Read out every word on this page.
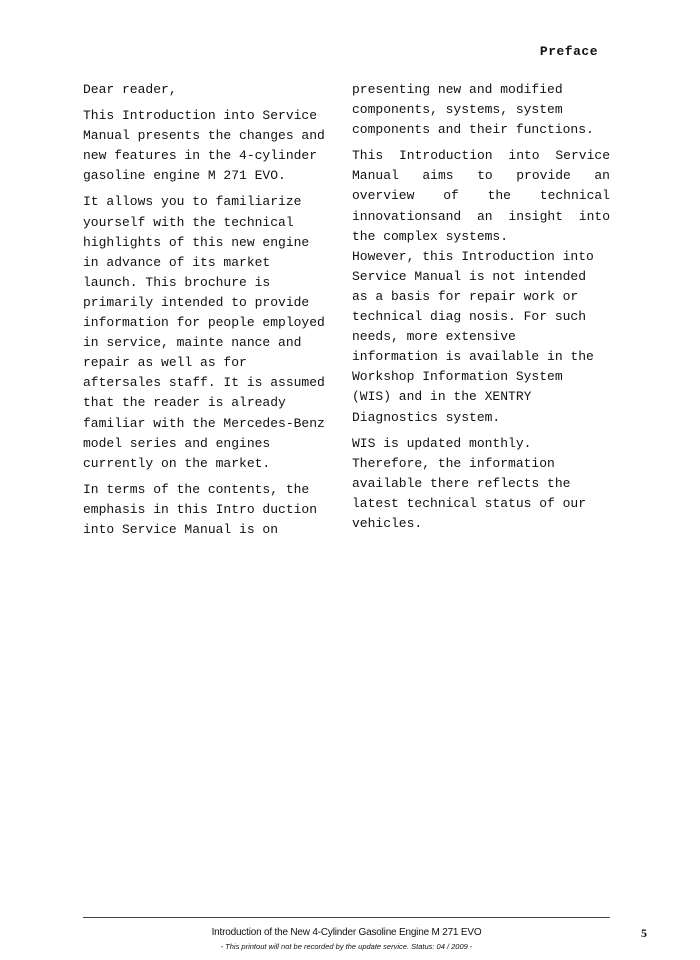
Preface

Dear reader,

This Introduction into Service
Manual presents the changes and
new features in the 4-cylinder
gasoline engine M 271 EVO.

It allows you to familiarize
yourself with the technical
highlights of this new engine
in advance of its market
launch. This brochure is
primarily intended to provide
information for people employed
in service, mainte nance and
repair as well as for
aftersales staff. It is assumed
that the reader is already
familiar with the Mercedes-Benz
model series and engines
currently on the market.

In terms of the contents, the
emphasis in this Intro duction
into Service Manual is on

presenting new and modified
components, systems, system
components and their functions.

This Introduction into Service
Manual aims to provide an
overview of the technical
innovationsand an insight into
the complex systems.

However, this Introduction into
Service Manual is not intended
as a basis for repair work or
technical diag nosis. For such
needs, more extensive
information is available in the
Workshop Information System
(WIS) and in the XENTRY
Diagnostics system.

WIS is updated monthly.
Therefore, the information
available there reflects the
latest technical status of our
vehicles.

Introduction of the New 4-Cylinder Gasoline Engine M 271 EVO
- This printout will not be recorded by the update service. Status: 04 / 2009 -
5
